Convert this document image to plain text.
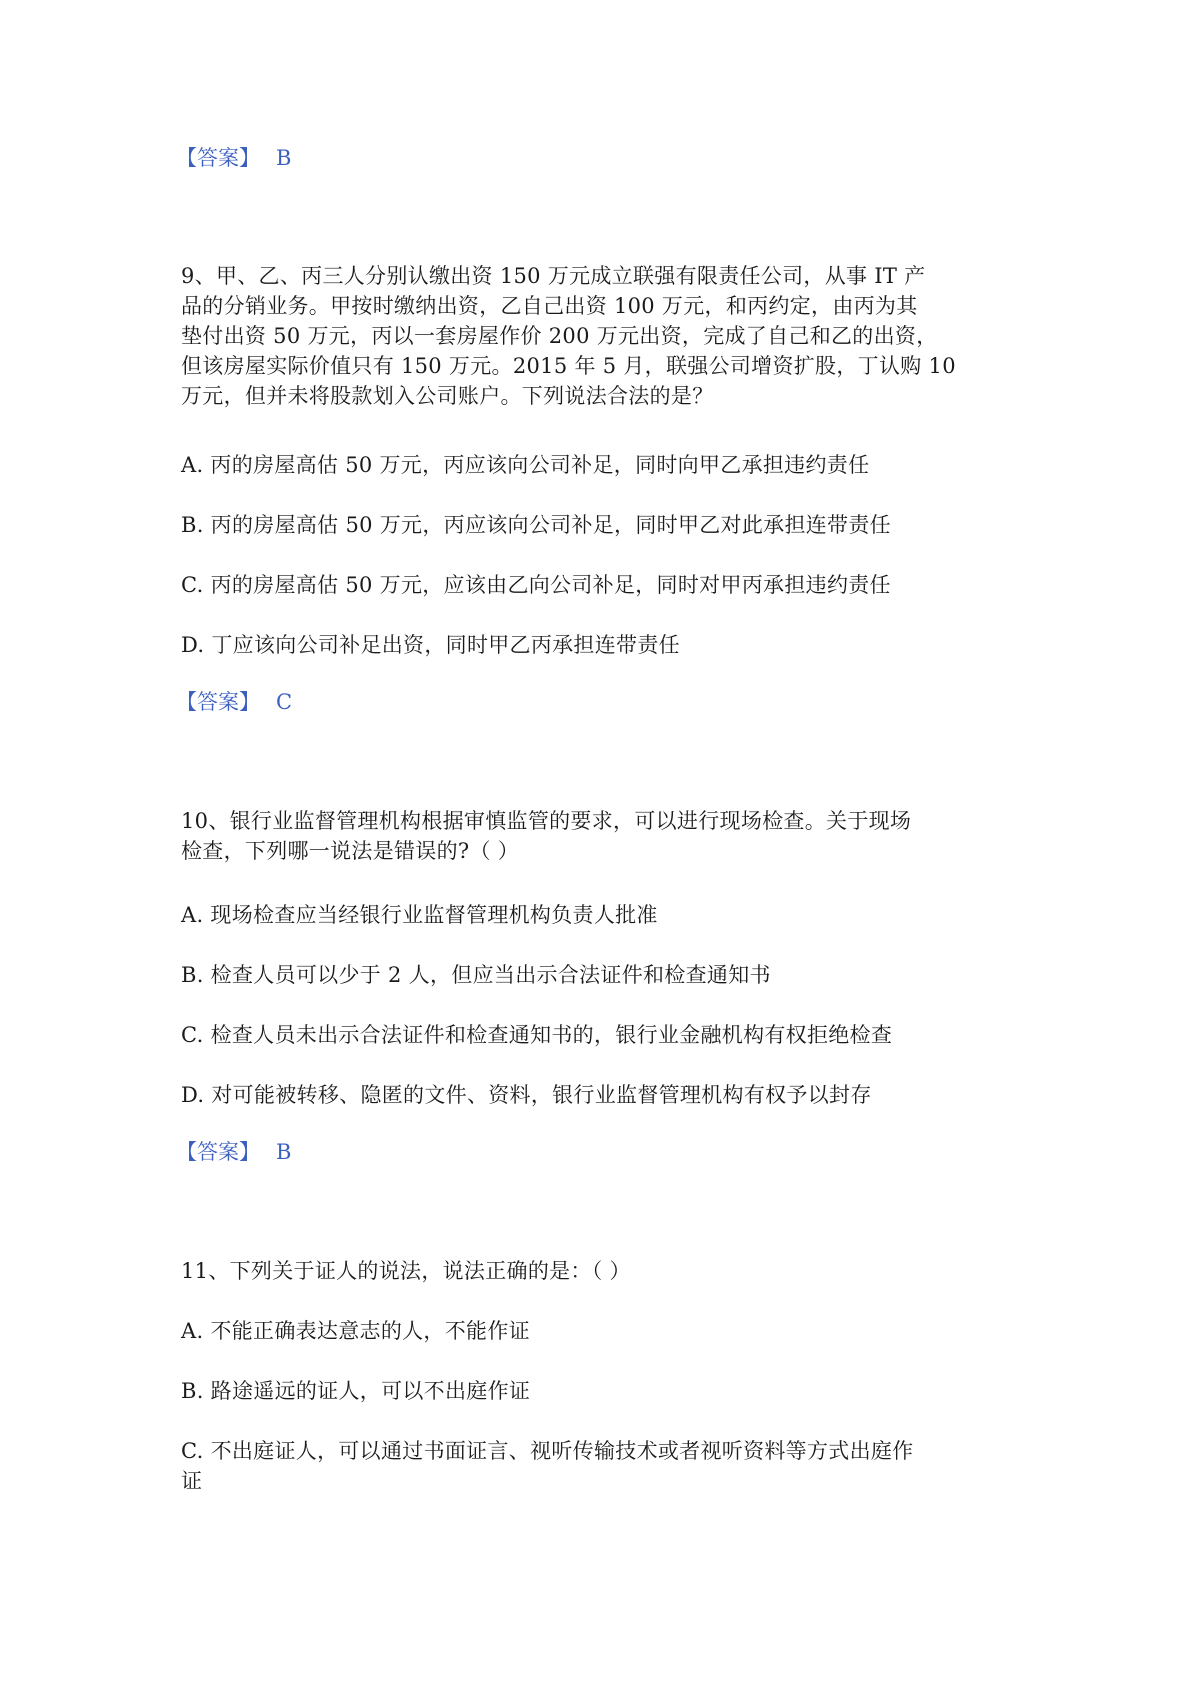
【答案】 B
9、甲、乙、丙三人分别认缴出资 150 万元成立联强有限责任公司，从事 IT 产
品的分销业务。甲按时缴纳出资，乙自己出资 100 万元，和丙约定，由丙为其
垫付出资 50 万元，丙以一套房屋作价 200 万元出资，完成了自己和乙的出资，
但该房屋实际价值只有 150 万元。2015 年 5 月，联强公司增资扩股，丁认购 10
万元，但并未将股款划入公司账户。下列说法合法的是？
A. 丙的房屋高估 50 万元，丙应该向公司补足，同时向甲乙承担违约责任
B. 丙的房屋高估 50 万元，丙应该向公司补足，同时甲乙对此承担连带责任
C. 丙的房屋高估 50 万元，应该由乙向公司补足，同时对甲丙承担违约责任
D. 丁应该向公司补足出资，同时甲乙丙承担连带责任
【答案】 C
10、银行业监督管理机构根据审慎监管的要求，可以进行现场检查。关于现场
检查，下列哪一说法是错误的?（ ）
A. 现场检查应当经银行业监督管理机构负责人批准
B. 检查人员可以少于 2 人，但应当出示合法证件和检查通知书
C. 检查人员未出示合法证件和检查通知书的，银行业金融机构有权拒绝检查
D. 对可能被转移、隐匿的文件、资料，银行业监督管理机构有权予以封存
【答案】 B
11、下列关于证人的说法，说法正确的是：（ ）
A. 不能正确表达意志的人，不能作证
B. 路途遥远的证人，可以不出庭作证
C. 不出庭证人，可以通过书面证言、视听传输技术或者视听资料等方式出庭作
证
